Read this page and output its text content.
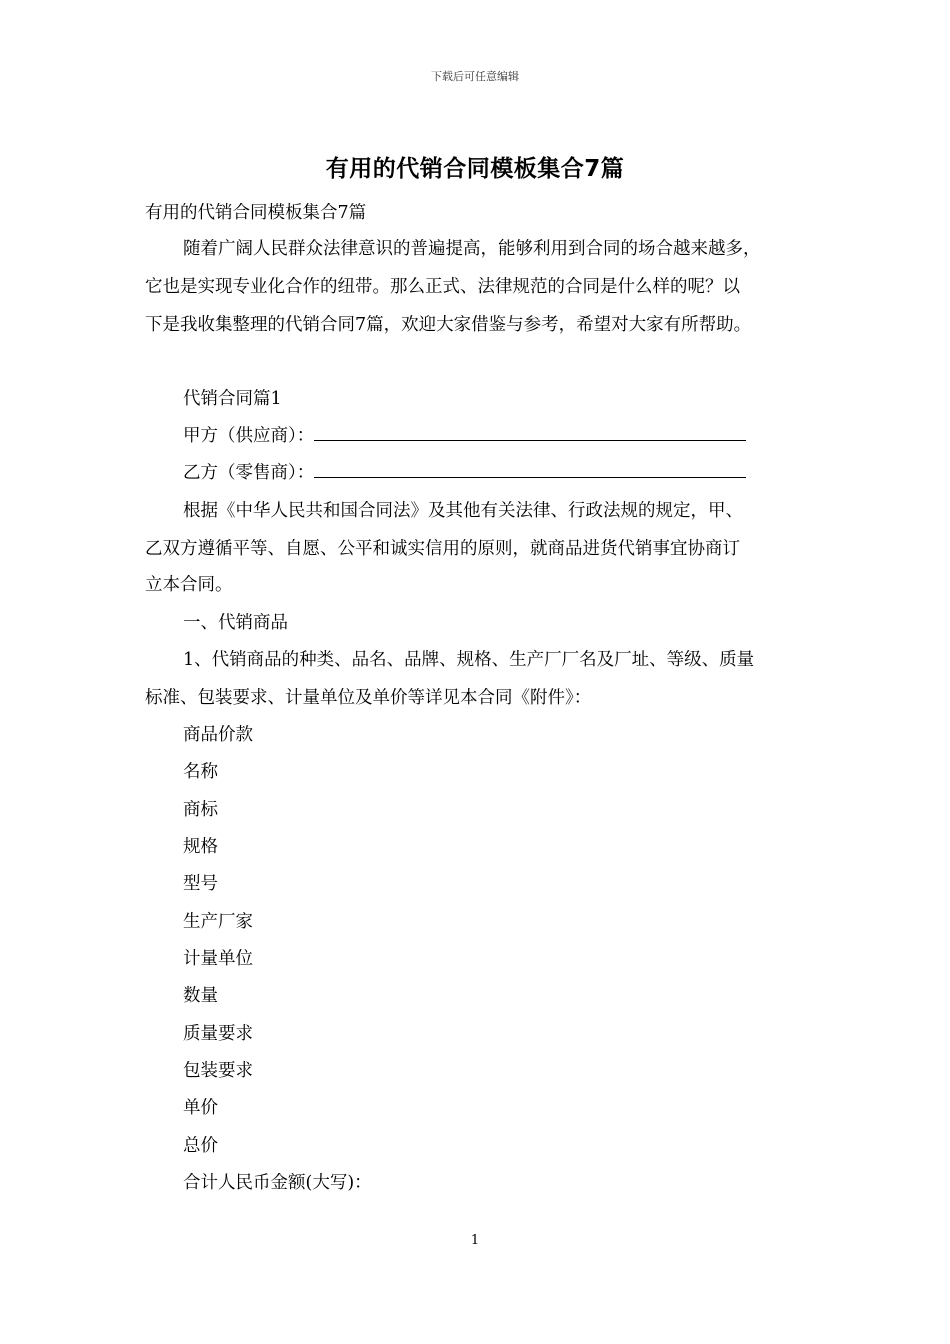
下载后可任意编辑
有用的代销合同模板集合7篇
有用的代销合同模板集合7篇
随着广阔人民群众法律意识的普遍提高，能够利用到合同的场合越来越多，
它也是实现专业化合作的纽带。那么正式、法律规范的合同是什么样的呢？以
下是我收集整理的代销合同7篇，欢迎大家借鉴与参考，希望对大家有所帮助。
代销合同篇1
甲方（供应商）：
乙方（零售商）：
根据《中华人民共和国合同法》及其他有关法律、行政法规的规定，甲、
乙双方遵循平等、自愿、公平和诚实信用的原则，就商品进货代销事宜协商订
立本合同。
一、代销商品
1、代销商品的种类、品名、品牌、规格、生产厂厂名及厂址、等级、质量
标准、包装要求、计量单位及单价等详见本合同《附件》：
商品价款
名称
商标
规格
型号
生产厂家
计量单位
数量
质量要求
包装要求
单价
总价
合计人民币金额(大写)：
1
